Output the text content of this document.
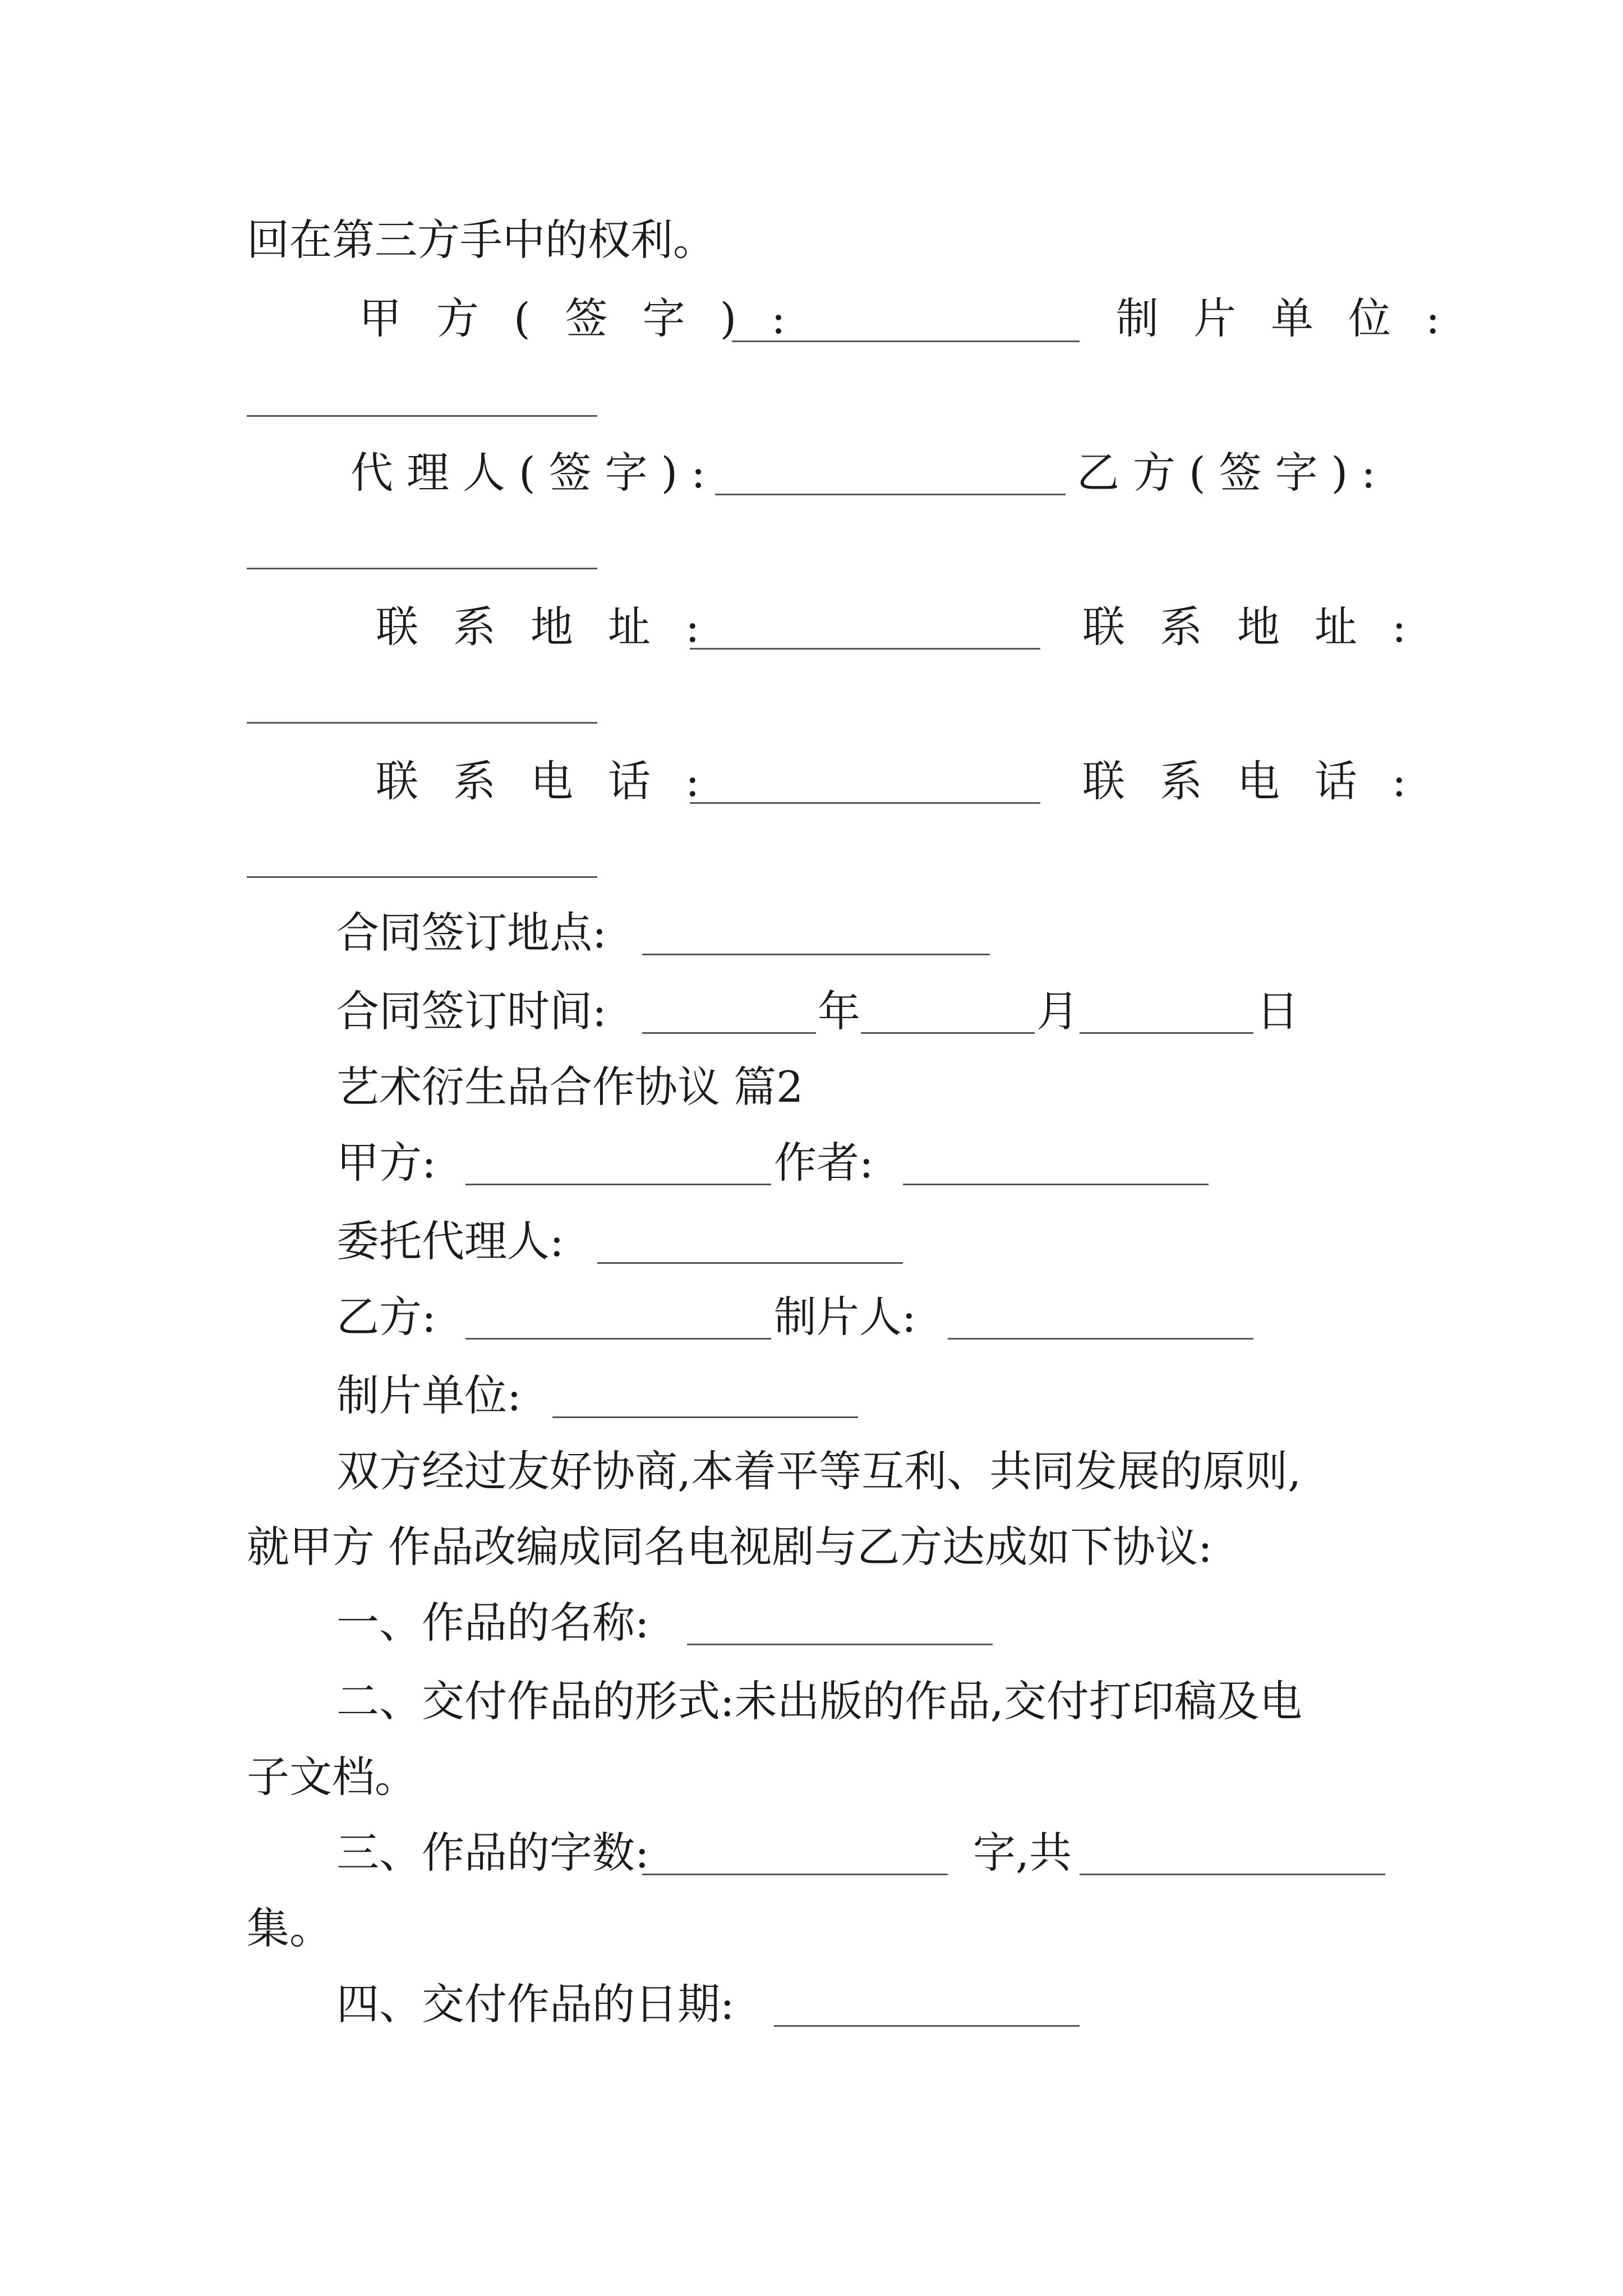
回在第三方手中的权利。
甲方(签字):	制片单位:
代理人(签字):	乙方(签字):
联系地址:	联系地址:
联系电话:	联系电话:
合同签订地点:
合同签订时间:	年	月	日
艺术衍生品合作协议 篇2
甲方:	作者:
委托代理人:
乙方:	制片人:
制片单位:
双方经过友好协商,本着平等互利、共同发展的原则,
就甲方 作品改编成同名电视剧与乙方达成如下协议:
一、作品的名称:
二、交付作品的形式:未出版的作品,交付打印稿及电
子文档。
三、作品的字数:	字,共
集。
四、交付作品的日期:
